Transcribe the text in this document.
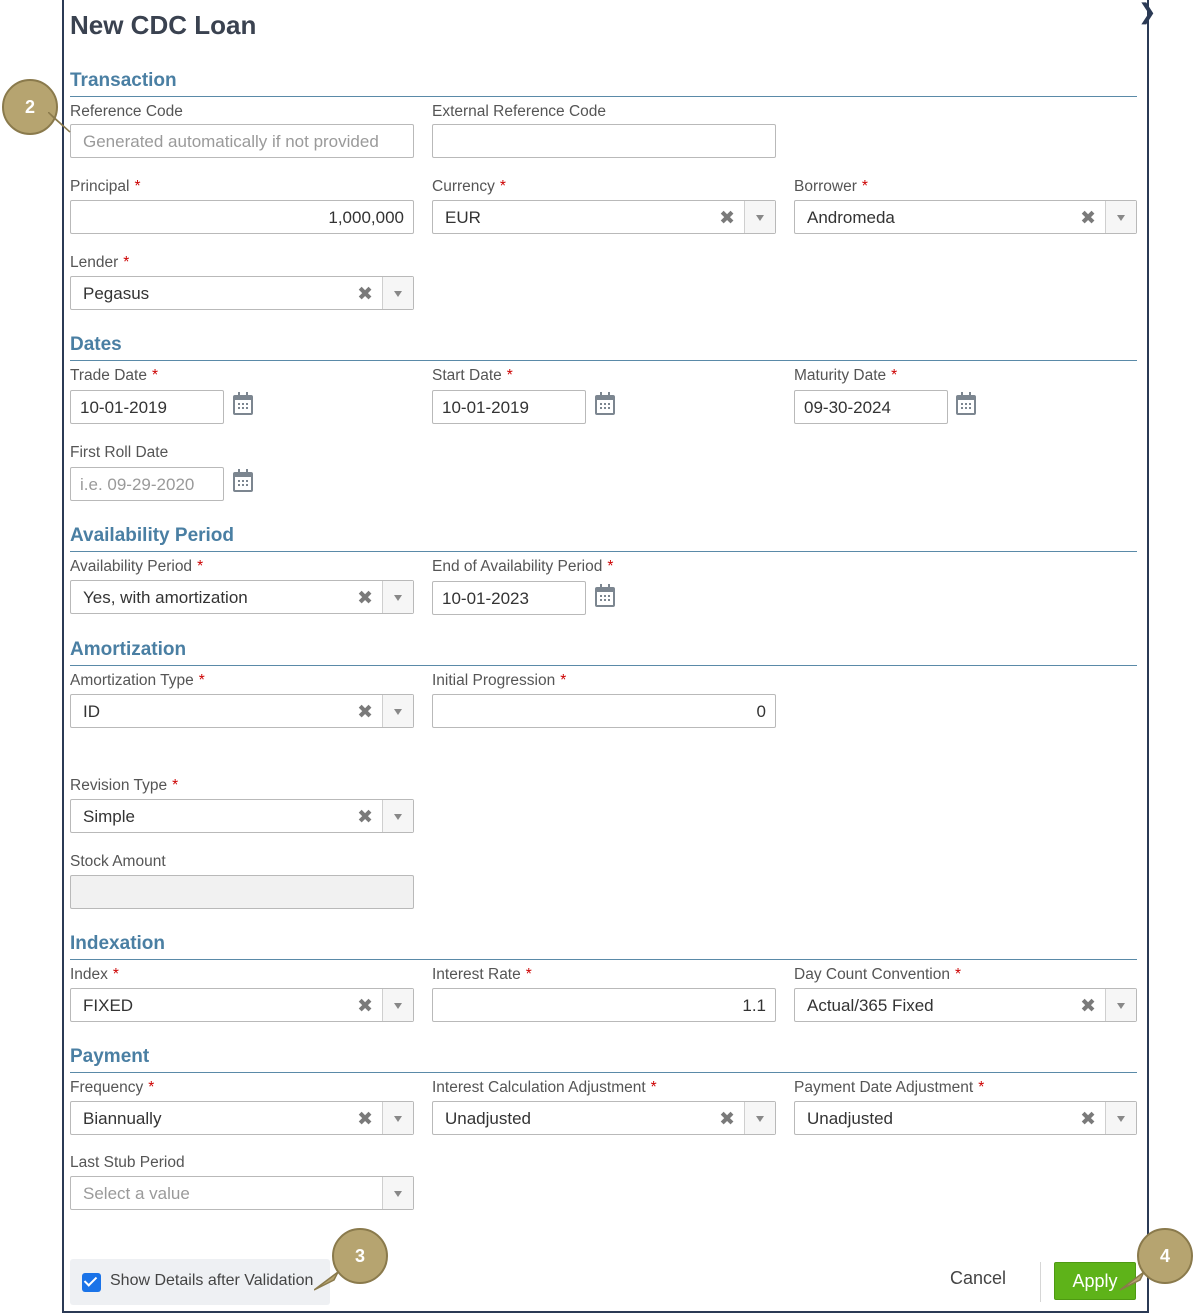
❯
New CDC Loan
Transaction
Reference Code
Generated automatically if not provided
External Reference Code
Principal *
1,000,000
Currency *
EUR	✖
Borrower *
Andromeda	✖
Lender *
Pegasus	✖
Dates
Trade Date *
10-01-2019
Start Date *
10-01-2019
Maturity Date *
09-30-2024
First Roll Date
i.e. 09-29-2020
Availability Period
Availability Period *
Yes, with amortization	✖
End of Availability Period *
10-01-2023
Amortization
Amortization Type *
ID	✖
Initial Progression *
0
Revision Type *
Simple	✖
Stock Amount
Indexation
Index *
FIXED	✖
Interest Rate *
1.1
Day Count Convention *
Actual/365 Fixed	✖
Payment
Frequency *
Biannually	✖
Interest Calculation Adjustment *
Unadjusted	✖
Payment Date Adjustment *
Unadjusted	✖
Last Stub Period
Select a value
Show Details after Validation	Cancel	Apply
2
3	4
